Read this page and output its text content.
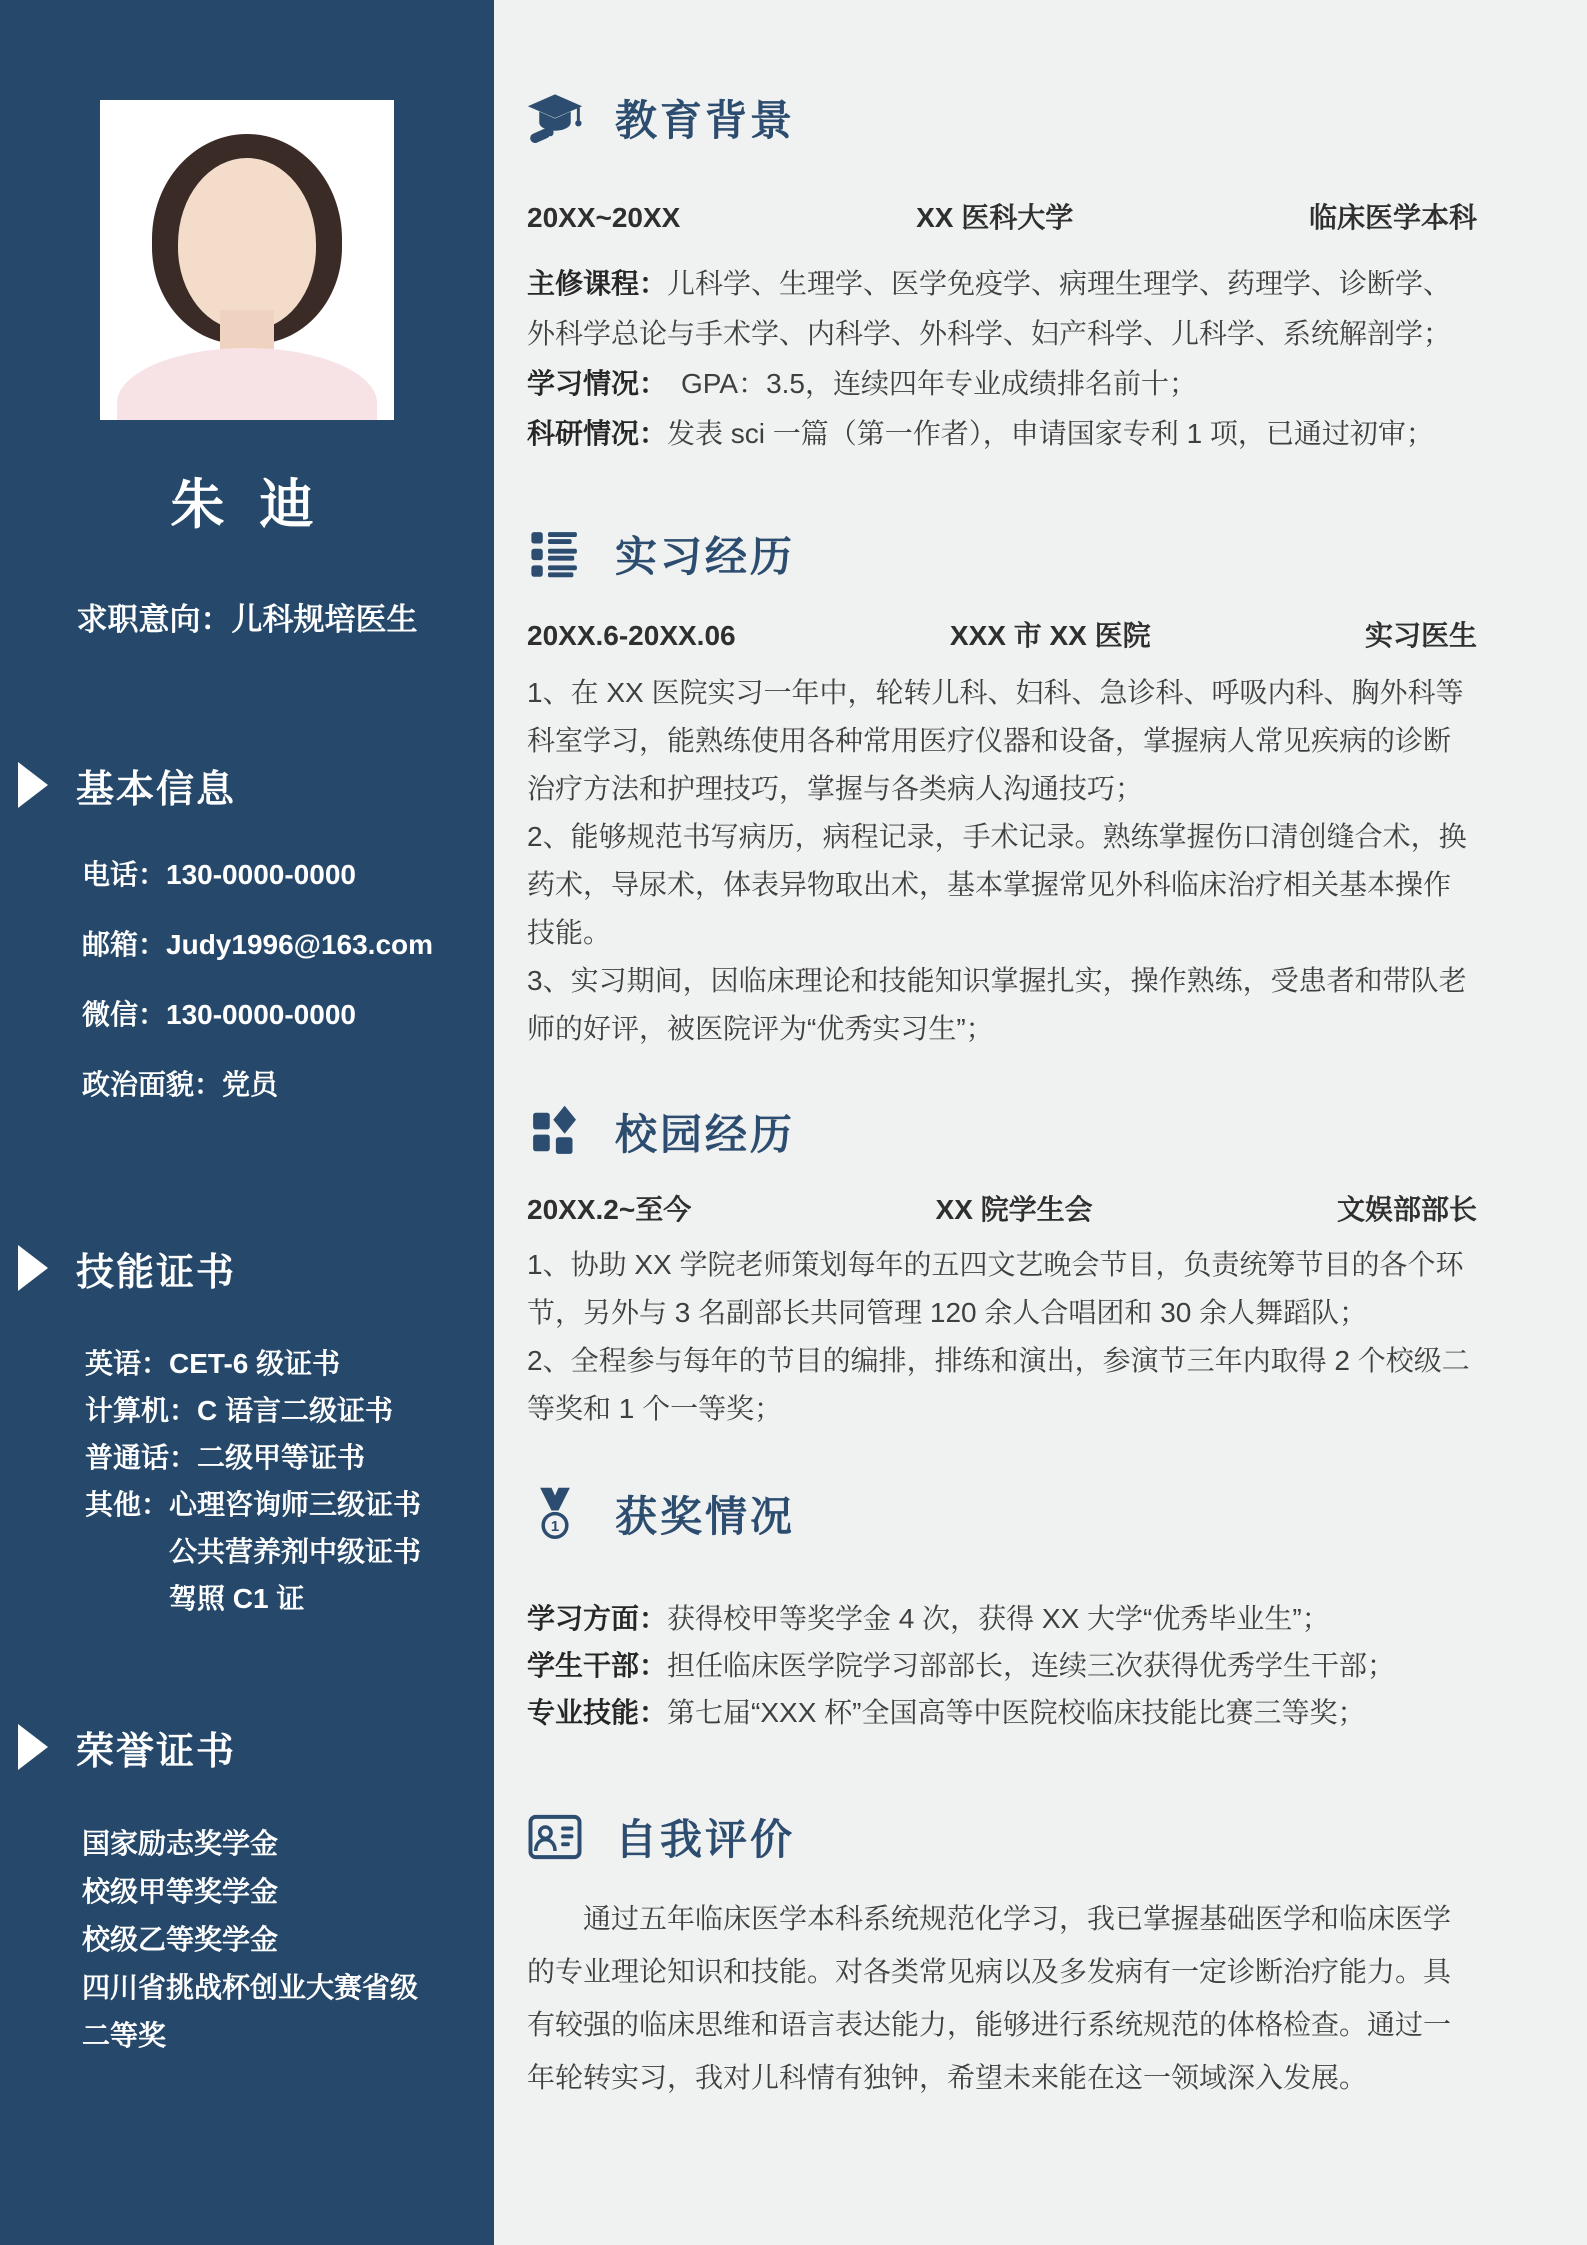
朱 迪
求职意向：儿科规培医生
基本信息
电话：130-0000-0000
邮箱：Judy1996@163.com
微信：130-0000-0000
政治面貌：党员
技能证书
英语：CET-6 级证书
计算机：C 语言二级证书
普通话：二级甲等证书
其他： 心理咨询师三级证书
公共营养剂中级证书
驾照 C1 证
荣誉证书
国家励志奖学金
校级甲等奖学金
校级乙等奖学金
四川省挑战杯创业大赛省级
二等奖
教育背景
20XX~20XX	XX 医科大学	临床医学本科

主修课程：儿科学、生理学、医学免疫学、病理生理学、药理学、诊断学、外科学总论与手术学、内科学、外科学、妇产科学、儿科学、系统解剖学；

学习情况：　GPA：3.5，连续四年专业成绩排名前十；

科研情况：发表 sci 一篇（第一作者），申请国家专利 1 项，已通过初审；

实习经历
20XX.6-20XX.06	XXX 市 XX 医院	实习医生

1、在 XX 医院实习一年中，轮转儿科、妇科、急诊科、呼吸内科、胸外科等科室学习，能熟练使用各种常用医疗仪器和设备，掌握病人常见疾病的诊断治疗方法和护理技巧，掌握与各类病人沟通技巧；

2、能够规范书写病历，病程记录，手术记录。熟练掌握伤口清创缝合术，换药术，导尿术，体表异物取出术，基本掌握常见外科临床治疗相关基本操作技能。

3、实习期间，因临床理论和技能知识掌握扎实，操作熟练，受患者和带队老师的好评，被医院评为“优秀实习生”；

校园经历
20XX.2~至今	XX 院学生会	文娱部部长

1、协助 XX 学院老师策划每年的五四文艺晚会节目，负责统筹节目的各个环节，另外与 3 名副部长共同管理 120 余人合唱团和 30 余人舞蹈队；

2、全程参与每年的节目的编排，排练和演出，参演节三年内取得 2 个校级二等奖和 1 个一等奖；

1 获奖情况

学习方面：获得校甲等奖学金 4 次，获得 XX 大学“优秀毕业生”；

学生干部：担任临床医学院学习部部长，连续三次获得优秀学生干部；

专业技能：第七届“XXX 杯”全国高等中医院校临床技能比赛三等奖；

自我评价

通过五年临床医学本科系统规范化学习，我已掌握基础医学和临床医学的专业理论知识和技能。对各类常见病以及多发病有一定诊断治疗能力。具有较强的临床思维和语言表达能力，能够进行系统规范的体格检查。通过一年轮转实习，我对儿科情有独钟，希望未来能在这一领域深入发展。
